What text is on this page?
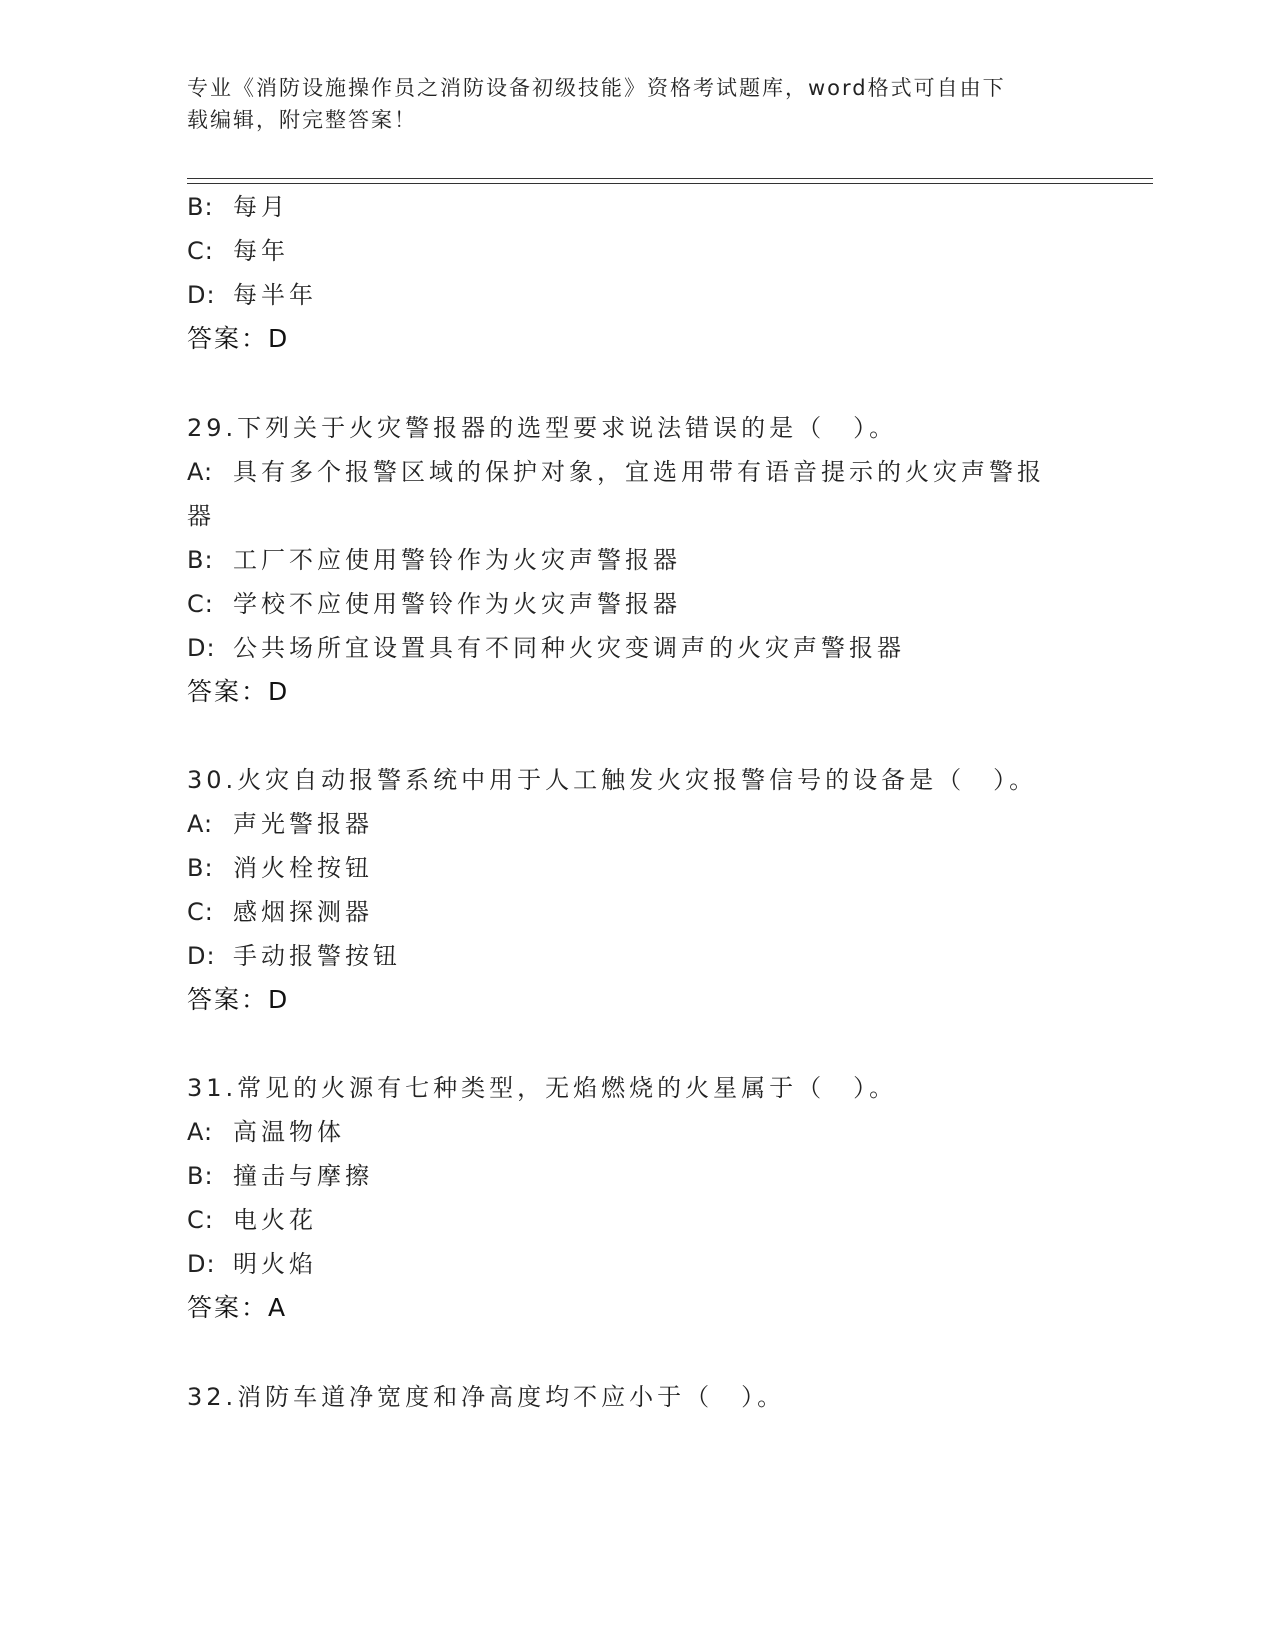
专业《消防设施操作员之消防设备初级技能》资格考试题库，word格式可自由下
载编辑，附完整答案！
B: 每月
C: 每年
D: 每半年
答案：D
29.下列关于火灾警报器的选型要求说法错误的是（　）。
A: 具有多个报警区域的保护对象，宜选用带有语音提示的火灾声警报
器
B: 工厂不应使用警铃作为火灾声警报器
C: 学校不应使用警铃作为火灾声警报器
D: 公共场所宜设置具有不同种火灾变调声的火灾声警报器
答案：D
30.火灾自动报警系统中用于人工触发火灾报警信号的设备是（　）。
A: 声光警报器
B: 消火栓按钮
C: 感烟探测器
D: 手动报警按钮
答案：D
31.常见的火源有七种类型，无焰燃烧的火星属于（　）。
A: 高温物体
B: 撞击与摩擦
C: 电火花
D: 明火焰
答案：A
32.消防车道净宽度和净高度均不应小于（　）。
